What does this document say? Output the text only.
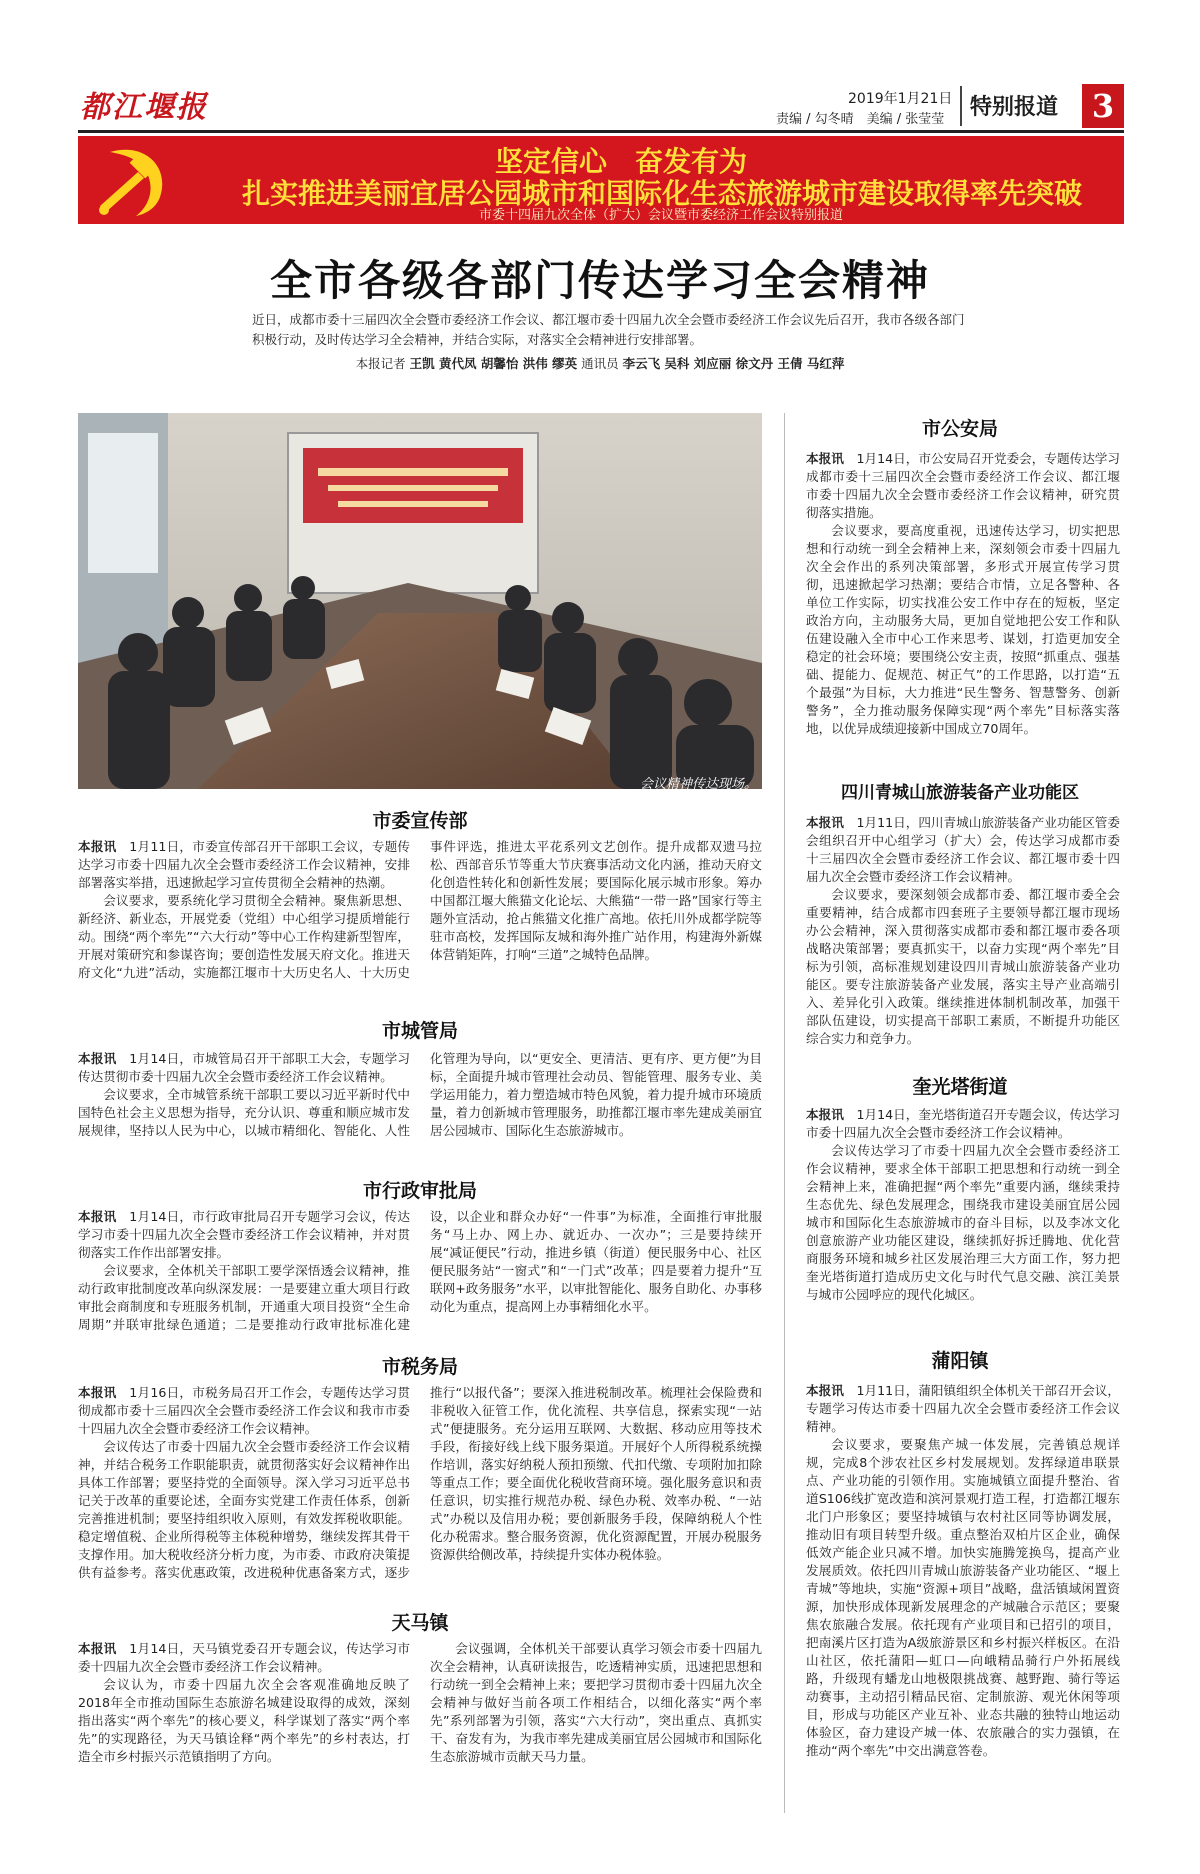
都江堰报	2019年1月21日
责编 / 勾冬晴　美编 / 张莹莹 特别报道	3
坚定信心　奋发有为
扎实推进美丽宜居公园城市和国际化生态旅游城市建设取得率先突破
市委十四届九次全体（扩大）会议暨市委经济工作会议特别报道
全市各级各部门传达学习全会精神
近日，成都市委十三届四次全会暨市委经济工作会议、都江堰市委十四届九次全会暨市委经济工作会议先后召开，我市各级各部门积极行动，及时传达学习全会精神，并结合实际，对落实全会精神进行安排部署。
本报记者 王凯 黄代凤 胡馨怡 洪伟 缪英 通讯员 李云飞 吴科 刘应丽 徐文丹 王倩 马红萍
会议精神传达现场。
市委宣传部

本报讯　 1月11日，市委宣传部召开干部职工会议，专题传达学习市委十四届九次全会暨市委经济工作会议精神，安排部署落实举措，迅速掀起学习宣传贯彻全会精神的热潮。

会议要求，要系统化学习贯彻全会精神。聚焦新思想、新经济、新业态，开展党委（党组）中心组学习提质增能行动。围绕“两个率先”“六大行动”等中心工作构建新型智库，开展对策研究和参谋咨询；要创造性发展天府文化。推进天府文化“九进”活动，实施都江堰市十大历史名人、十大历史事件评选，推进太平花系列文艺创作。提升成都双遗马拉松、西部音乐节等重大节庆赛事活动文化内涵，推动天府文化创造性转化和创新性发展；要国际化展示城市形象。筹办中国都江堰大熊猫文化论坛、大熊猫“一带一路”国家行等主题外宣活动，抢占熊猫文化推广高地。依托川外成都学院等驻市高校，发挥国际友城和海外推广站作用，构建海外新媒体营销矩阵，打响“三道”之城特色品牌。

市城管局

本报讯　 1月14日，市城管局召开干部职工大会，专题学习传达贯彻市委十四届九次全会暨市委经济工作会议精神。

会议要求，全市城管系统干部职工要以习近平新时代中国特色社会主义思想为指导，充分认识、尊重和顺应城市发展规律，坚持以人民为中心，以城市精细化、智能化、人性化管理为导向，以“更安全、更清洁、更有序、更方便”为目标，全面提升城市管理社会动员、智能管理、服务专业、美学运用能力，着力塑造城市特色风貌，着力提升城市环境质量，着力创新城市管理服务，助推都江堰市率先建成美丽宜居公园城市、国际化生态旅游城市。

市行政审批局

本报讯　 1月14日，市行政审批局召开专题学习会议，传达学习市委十四届九次全会暨市委经济工作会议精神，并对贯彻落实工作作出部署安排。

会议要求，全体机关干部职工要学深悟透会议精神，推动行政审批制度改革向纵深发展：一是要建立重大项目行政审批会商制度和专班服务机制，开通重大项目投资“全生命周期”并联审批绿色通道；二是要推动行政审批标准化建设，以企业和群众办好“一件事”为标准，全面推行审批服务“马上办、网上办、就近办、一次办”；三是要持续开展“减证便民”行动，推进乡镇（街道）便民服务中心、社区便民服务站“一窗式”和“一门式”改革；四是要着力提升“互联网+政务服务”水平，以审批智能化、服务自助化、办事移动化为重点，提高网上办事精细化水平。

市税务局

本报讯　 1月16日，市税务局召开工作会，专题传达学习贯彻成都市委十三届四次全会暨市委经济工作会议和我市市委十四届九次全会暨市委经济工作会议精神。

会议传达了市委十四届九次全会暨市委经济工作会议精神，并结合税务工作职能职责，就贯彻落实好会议精神作出具体工作部署；要坚持党的全面领导。深入学习习近平总书记关于改革的重要论述，全面夯实党建工作责任体系，创新完善推进机制；要坚持组织收入原则，有效发挥税收职能。稳定增值税、企业所得税等主体税种增势，继续发挥其骨干支撑作用。加大税收经济分析力度，为市委、市政府决策提供有益参考。落实优惠政策，改进税种优惠备案方式，逐步推行“以报代备”；要深入推进税制改革。梳理社会保险费和非税收入征管工作，优化流程、共享信息，探索实现“一站式”便捷服务。充分运用互联网、大数据、移动应用等技术手段，衔接好线上线下服务渠道。开展好个人所得税系统操作培训，落实好纳税人预扣预缴、代扣代缴、专项附加扣除等重点工作；要全面优化税收营商环境。强化服务意识和责任意识，切实推行规范办税、绿色办税、效率办税、“一站式”办税以及信用办税；要创新服务手段，保障纳税人个性化办税需求。整合服务资源，优化资源配置，开展办税服务资源供给侧改革，持续提升实体办税体验。

天马镇

本报讯　 1月14日，天马镇党委召开专题会议，传达学习市委十四届九次全会暨市委经济工作会议精神。

会议认为，市委十四届九次全会客观准确地反映了2018年全市推动国际生态旅游名城建设取得的成效，深刻指出落实“两个率先”的核心要义，科学谋划了落实“两个率先”的实现路径，为天马镇诠释“两个率先”的乡村表达，打造全市乡村振兴示范镇指明了方向。

会议强调，全体机关干部要认真学习领会市委十四届九次全会精神，认真研读报告，吃透精神实质，迅速把思想和行动统一到全会精神上来；要把学习贯彻市委十四届九次全会精神与做好当前各项工作相结合，以细化落实“两个率先”系列部署为引领，落实“六大行动”，突出重点、真抓实干、奋发有为，为我市率先建成美丽宜居公园城市和国际化生态旅游城市贡献天马力量。

市公安局

本报讯　 1月14日，市公安局召开党委会，专题传达学习成都市委十三届四次全会暨市委经济工作会议、都江堰市委十四届九次全会暨市委经济工作会议精神，研究贯彻落实措施。

会议要求，要高度重视，迅速传达学习，切实把思想和行动统一到全会精神上来，深刻领会市委十四届九次全会作出的系列决策部署，多形式开展宣传学习贯彻，迅速掀起学习热潮；要结合市情，立足各警种、各单位工作实际，切实找准公安工作中存在的短板，坚定政治方向，主动服务大局，更加自觉地把公安工作和队伍建设融入全市中心工作来思考、谋划，打造更加安全稳定的社会环境；要围绕公安主责，按照“抓重点、强基础、提能力、促规范、树正气”的工作思路，以打造“五个最强”为目标，大力推进“民生警务、智慧警务、创新警务”，全力推动服务保障实现“两个率先”目标落实落地，以优异成绩迎接新中国成立70周年。

四川青城山旅游装备产业功能区

本报讯　 1月11日，四川青城山旅游装备产业功能区管委会组织召开中心组学习（扩大）会，传达学习成都市委十三届四次全会暨市委经济工作会议、都江堰市委十四届九次全会暨市委经济工作会议精神。

会议要求，要深刻领会成都市委、都江堰市委全会重要精神，结合成都市四套班子主要领导都江堰市现场办公会精神，深入贯彻落实成都市委和都江堰市委各项战略决策部署；要真抓实干，以奋力实现“两个率先”目标为引领，高标准规划建设四川青城山旅游装备产业功能区。要专注旅游装备产业发展，落实主导产业高端引入、差异化引入政策。继续推进体制机制改革，加强干部队伍建设，切实提高干部职工素质，不断提升功能区综合实力和竞争力。

奎光塔街道

本报讯　 1月14日，奎光塔街道召开专题会议，传达学习市委十四届九次全会暨市委经济工作会议精神。

会议传达学习了市委十四届九次全会暨市委经济工作会议精神，要求全体干部职工把思想和行动统一到全会精神上来，准确把握“两个率先”重要内涵，继续秉持生态优先、绿色发展理念，围绕我市建设美丽宜居公园城市和国际化生态旅游城市的奋斗目标，以及李冰文化创意旅游产业功能区建设，继续抓好拆迁腾地、优化营商服务环境和城乡社区发展治理三大方面工作，努力把奎光塔街道打造成历史文化与时代气息交融、滨江美景与城市公园呼应的现代化城区。

蒲阳镇

本报讯　 1月11日，蒲阳镇组织全体机关干部召开会议，专题学习传达市委十四届九次全会暨市委经济工作会议精神。

会议要求，要聚焦产城一体发展，完善镇总规详规，完成8个涉农社区乡村发展规划。发挥绿道串联景点、产业功能的引领作用。实施城镇立面提升整治、省道S106线扩宽改造和滨河景观打造工程，打造都江堰东北门户形象区；要坚持城镇与农村社区同等协调发展，推动旧有项目转型升级。重点整治双柏片区企业，确保低效产能企业只减不增。加快实施腾笼换鸟，提高产业发展质效。依托四川青城山旅游装备产业功能区、“堰上青城”等地块，实施“资源+项目”战略，盘活镇域闲置资源，加快形成体现新发展理念的产城融合示范区；要聚焦农旅融合发展。依托现有产业项目和已招引的项目，把南溪片区打造为A级旅游景区和乡村振兴样板区。在沿山社区，依托蒲阳—虹口—向峨精品骑行户外拓展线路，升级现有蟠龙山地极限挑战赛、越野跑、骑行等运动赛事，主动招引精品民宿、定制旅游、观光休闲等项目，形成与功能区产业互补、业态共融的独特山地运动体验区，奋力建设产城一体、农旅融合的实力强镇，在推动“两个率先”中交出满意答卷。
